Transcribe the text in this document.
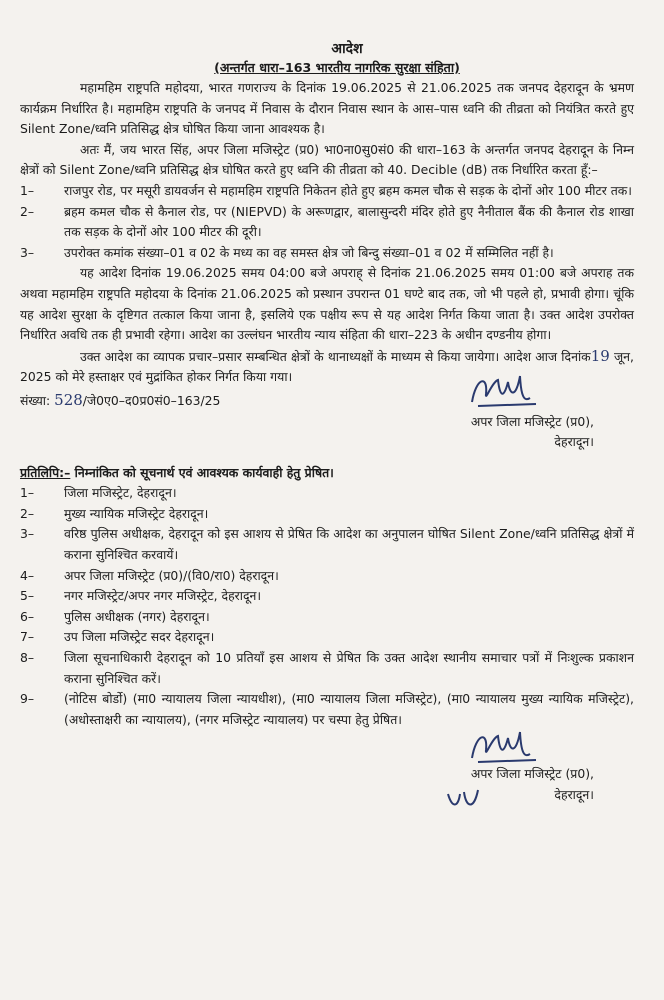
आदेश
(अन्तर्गत धारा–163 भारतीय नागरिक सुरक्षा संहिता)

महामहिम राष्ट्रपति महोदया, भारत गणराज्य के दिनांक 19.06.2025 से 21.06.2025 तक जनपद देहरादून के भ्रमण कार्यक्रम निर्धारित है। महामहिम राष्ट्रपति के जनपद में निवास के दौरान निवास स्थान के आस–पास ध्वनि की तीव्रता को नियंत्रित करते हुए Silent Zone/ध्वनि प्रतिसिद्ध क्षेत्र घोषित किया जाना आवश्यक है।

अतः मैं, जय भारत सिंह, अपर जिला मजिस्ट्रेट (प्र0) भा0ना0सु0सं0 की धारा–163 के अन्तर्गत जनपद देहरादून के निम्न क्षेत्रों को Silent Zone/ध्वनि प्रतिसिद्ध क्षेत्र घोषित करते हुए ध्वनि की तीव्रता को 40. Decible (dB) तक निर्धारित करता हूँ:–

1–	राजपुर रोड, पर मसूरी डायवर्जन से महामहिम राष्ट्रपति निकेतन होते हुए ब्रहम कमल चौक से सड़क के दोनों ओर 100 मीटर तक।
2–	ब्रहम कमल चौक से कैनाल रोड, पर (NIEPVD) के अरूणद्वार, बालासुन्दरी मंदिर होते हुए नैनीताल बैंक की कैनाल रोड शाखा तक सड़क के दोनों ओर 100 मीटर की दूरी।
3–	उपरोक्त कमांक संख्या–01 व 02 के मध्य का वह समस्त क्षेत्र जो बिन्दु संख्या–01 व 02 में सम्मिलित नहीं है।

यह आदेश दिनांक 19.06.2025 समय 04:00 बजे अपराह् से दिनांक 21.06.2025 समय 01:00 बजे अपराह तक अथवा महामहिम राष्ट्रपति महोदया के दिनांक 21.06.2025 को प्रस्थान उपरान्त 01 घण्टे बाद तक, जो भी पहले हो, प्रभावी होगा। चूंकि यह आदेश सुरक्षा के दृष्टिगत तत्काल किया जाना है, इसलिये एक पक्षीय रूप से यह आदेश निर्गत किया जाता है। उक्त आदेश उपरोक्त निर्धारित अवधि तक ही प्रभावी रहेगा। आदेश का उल्लंघन भारतीय न्याय संहिता की धारा–223 के अधीन दण्डनीय होगा।

उक्त आदेश का व्यापक प्रचार–प्रसार सम्बन्धित क्षेत्रों के थानाध्यक्षों के माध्यम से किया जायेगा। आदेश आज दिनांक19 जून, 2025 को मेरे हस्ताक्षर एवं मुद्रांकित होकर निर्गत किया गया।

संख्या: 528/जे0ए0–द0प्र0सं0–163/25
अपर जिला मजिस्ट्रेट (प्र0),
देहरादून।
प्रतिलिपि:– निम्नांकित को सूचनार्थ एवं आवश्यक कार्यवाही हेतु प्रेषित।
1–	जिला मजिस्ट्रेट, देहरादून।
2–	मुख्य न्यायिक मजिस्ट्रेट देहरादून।
3–	वरिष्ठ पुलिस अधीक्षक, देहरादून को इस आशय से प्रेषित कि आदेश का अनुपालन घोषित Silent Zone/ध्वनि प्रतिसिद्ध क्षेत्रों में कराना सुनिश्चित करवायें।
4–	अपर जिला मजिस्ट्रेट (प्र0)/(वि0/रा0) देहरादून।
5–	नगर मजिस्ट्रेट/अपर नगर मजिस्ट्रेट, देहरादून।
6–	पुलिस अधीक्षक (नगर) देहरादून।
7–	उप जिला मजिस्ट्रेट सदर देहरादून।
8–	जिला सूचनाधिकारी देहरादून को 10 प्रतियाँ इस आशय से प्रेषित कि उक्त आदेश स्थानीय समाचार पत्रों में निःशुल्क प्रकाशन कराना सुनिश्चित करें।
9–	(नोटिस बोर्डो) (मा0 न्यायालय जिला न्यायधीश), (मा0 न्यायालय जिला मजिस्ट्रेट), (मा0 न्यायालय मुख्य न्यायिक मजिस्ट्रेट), (अधोस्ताक्षरी का न्यायालय), (नगर मजिस्ट्रेट न्यायालय) पर चस्पा हेतु प्रेषित।
अपर जिला मजिस्ट्रेट (प्र0),
देहरादून।
